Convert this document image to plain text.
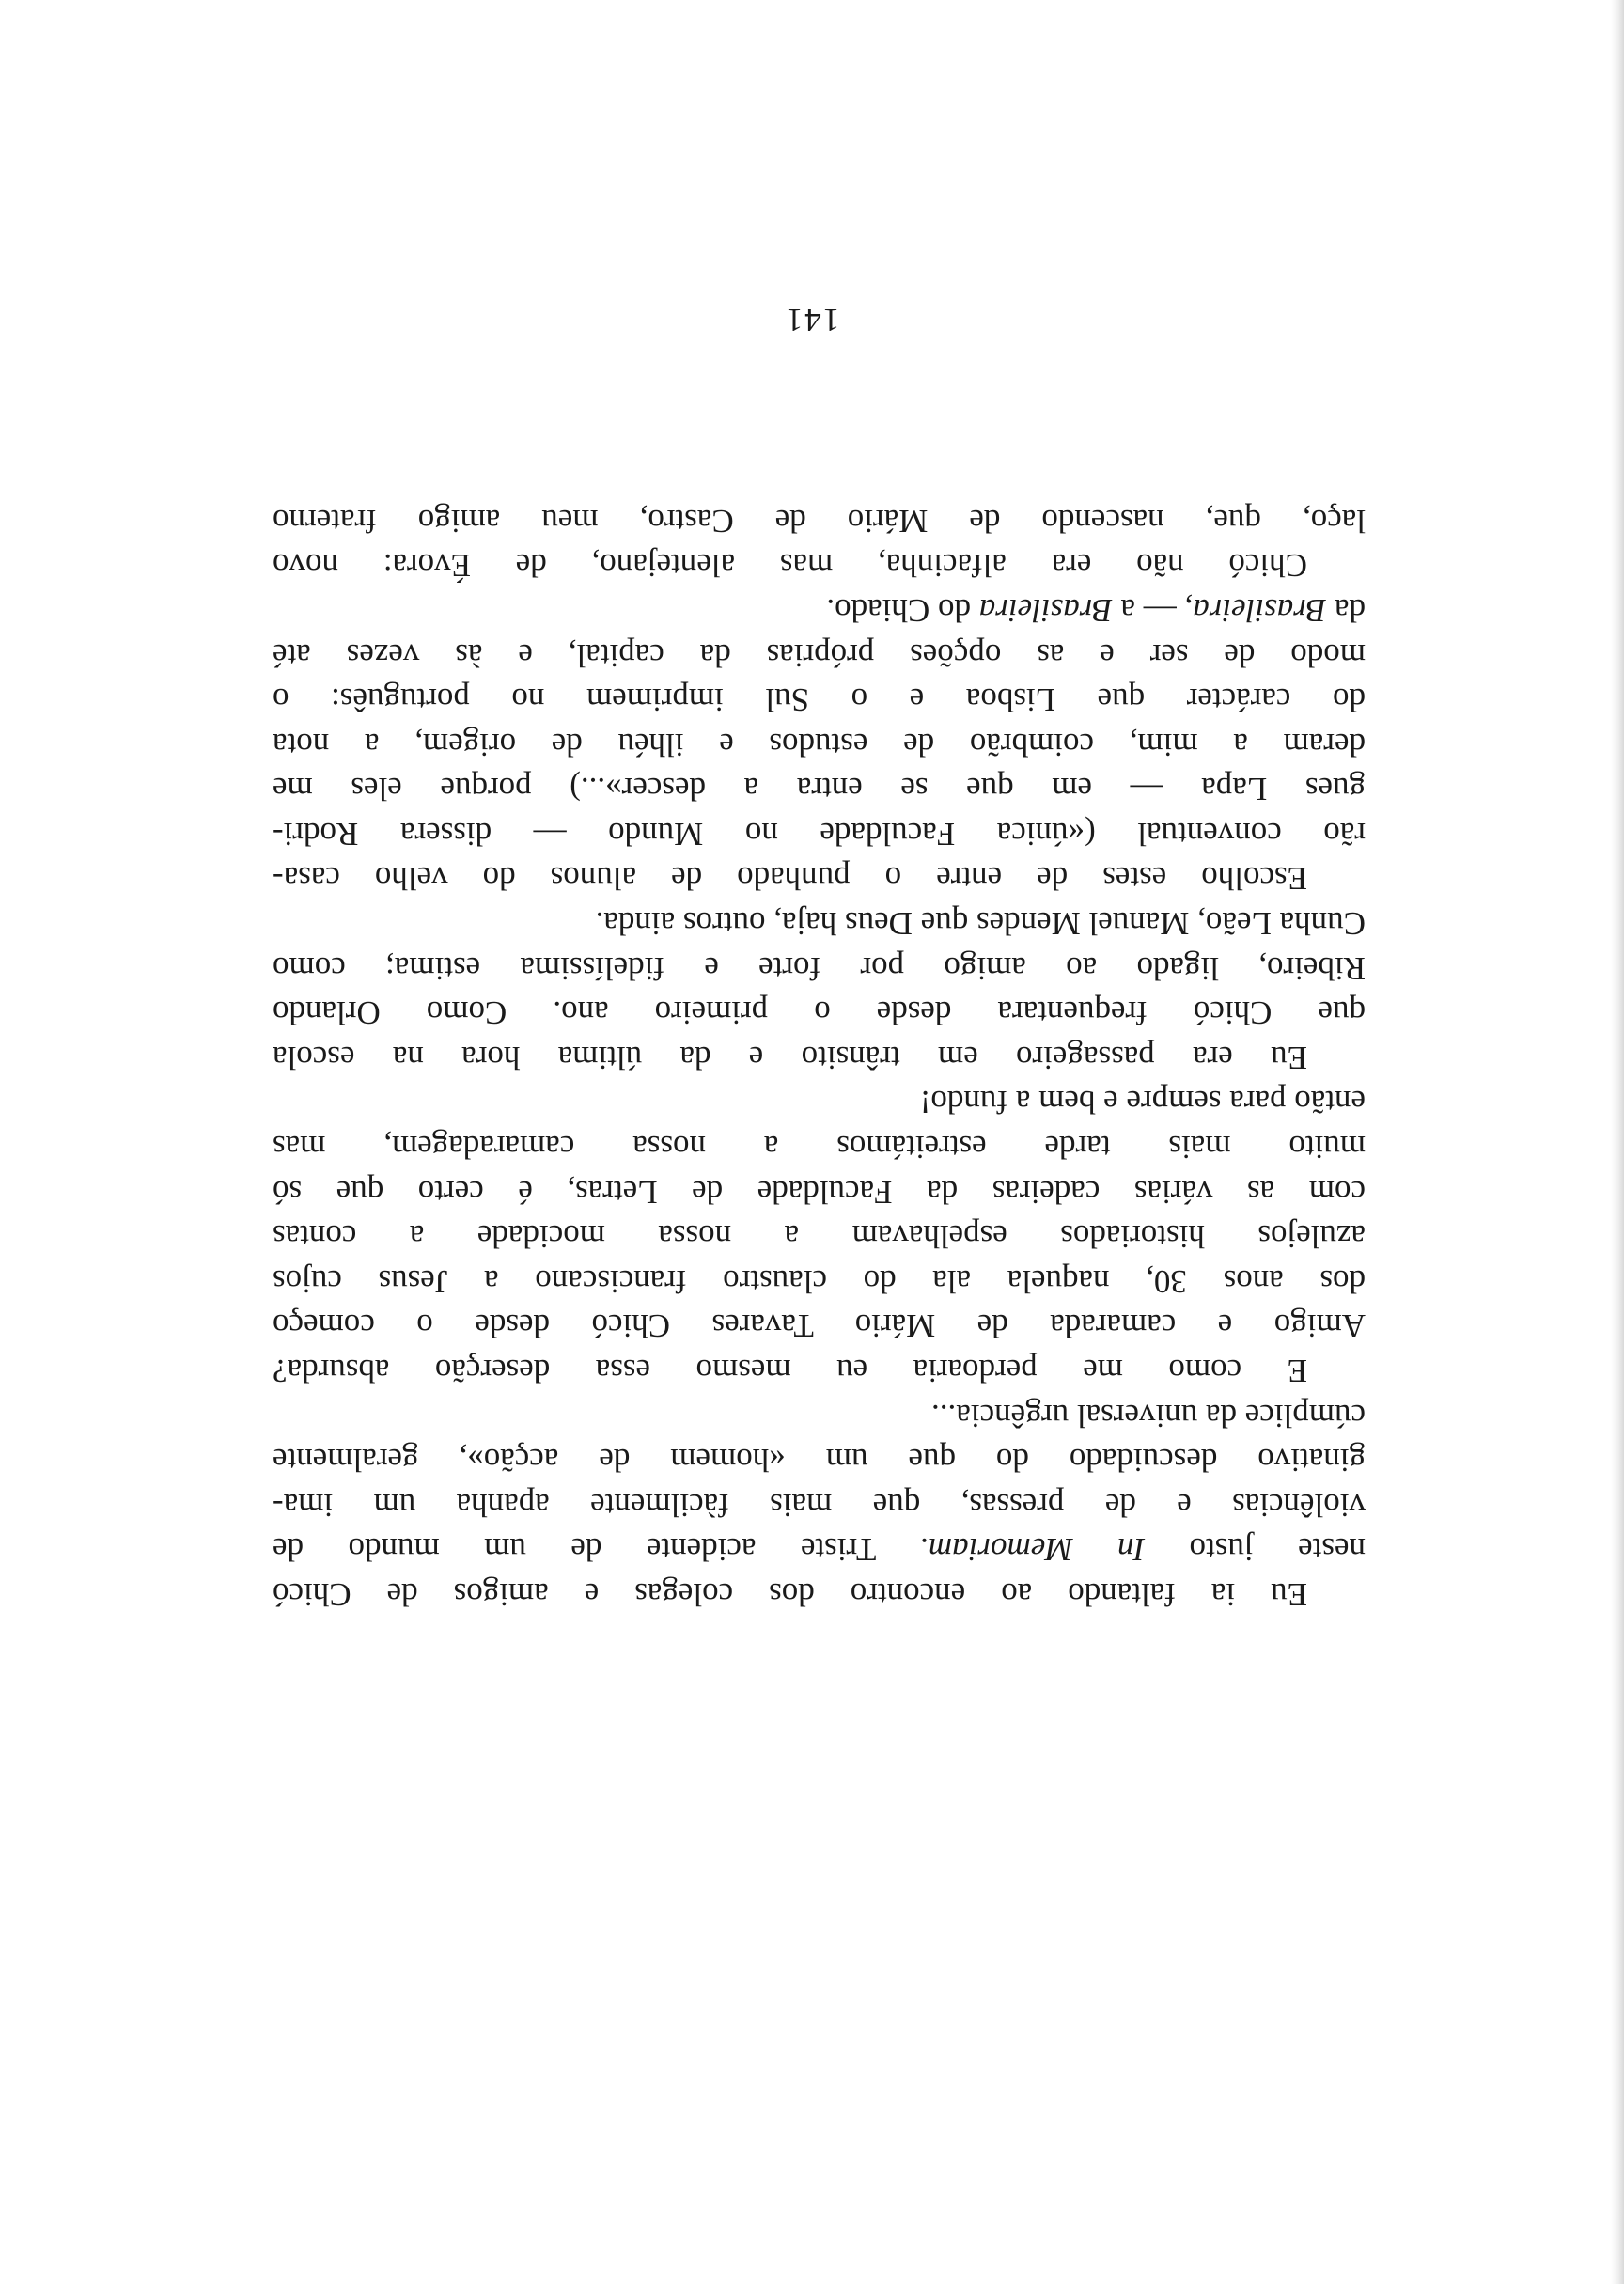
Eu ia faltando ao encontro dos colegas e amigos de Chicó
neste justo In Memoriam. Triste acidente de um mundo de
violências e de pressas, que mais fàcilmente apanha um ima-
ginativo descuidado do que um «homem de acção», geralmente
cúmplice da universal urgência...
E como me perdoaria eu mesmo essa deserção absurda?
Amigo e camarada de Mário Tavares Chicó desde o começo
dos anos 30, naquela ala do claustro franciscano a Jesus cujos
azulejos historiados espelhavam a nossa mocidade a contas
com as várias cadeiras da Faculdade de Letras, é certo que só
muito mais tarde estreitámos a nossa camaradagem, mas
então para sempre e bem a fundo!
Eu era passageiro em trânsito e da última hora na escola
que Chicó frequentara desde o primeiro ano. Como Orlando
Ribeiro, ligado ao amigo por forte e fidelíssima estima; como
Cunha Leão, Manuel Mendes que Deus haja, outros ainda.
Escolho estes de entre o punhado de alunos do velho casa-
rão conventual («única Faculdade no Mundo — dissera Rodri-
gues Lapa — em que se entra a descer»...) porque eles me
deram a mim, coimbrão de estudos e ilhéu de origem, a nota
do carácter que Lisboa e o Sul imprimem no português: o
modo de ser e as opções próprias da capital, e às vezes até
da Brasileira, — a Brasileira do Chiado.
Chicó não era alfacinha, mas alentejano, de Évora: novo
laço, que, nascendo de Mário de Castro, meu amigo fraterno
141
